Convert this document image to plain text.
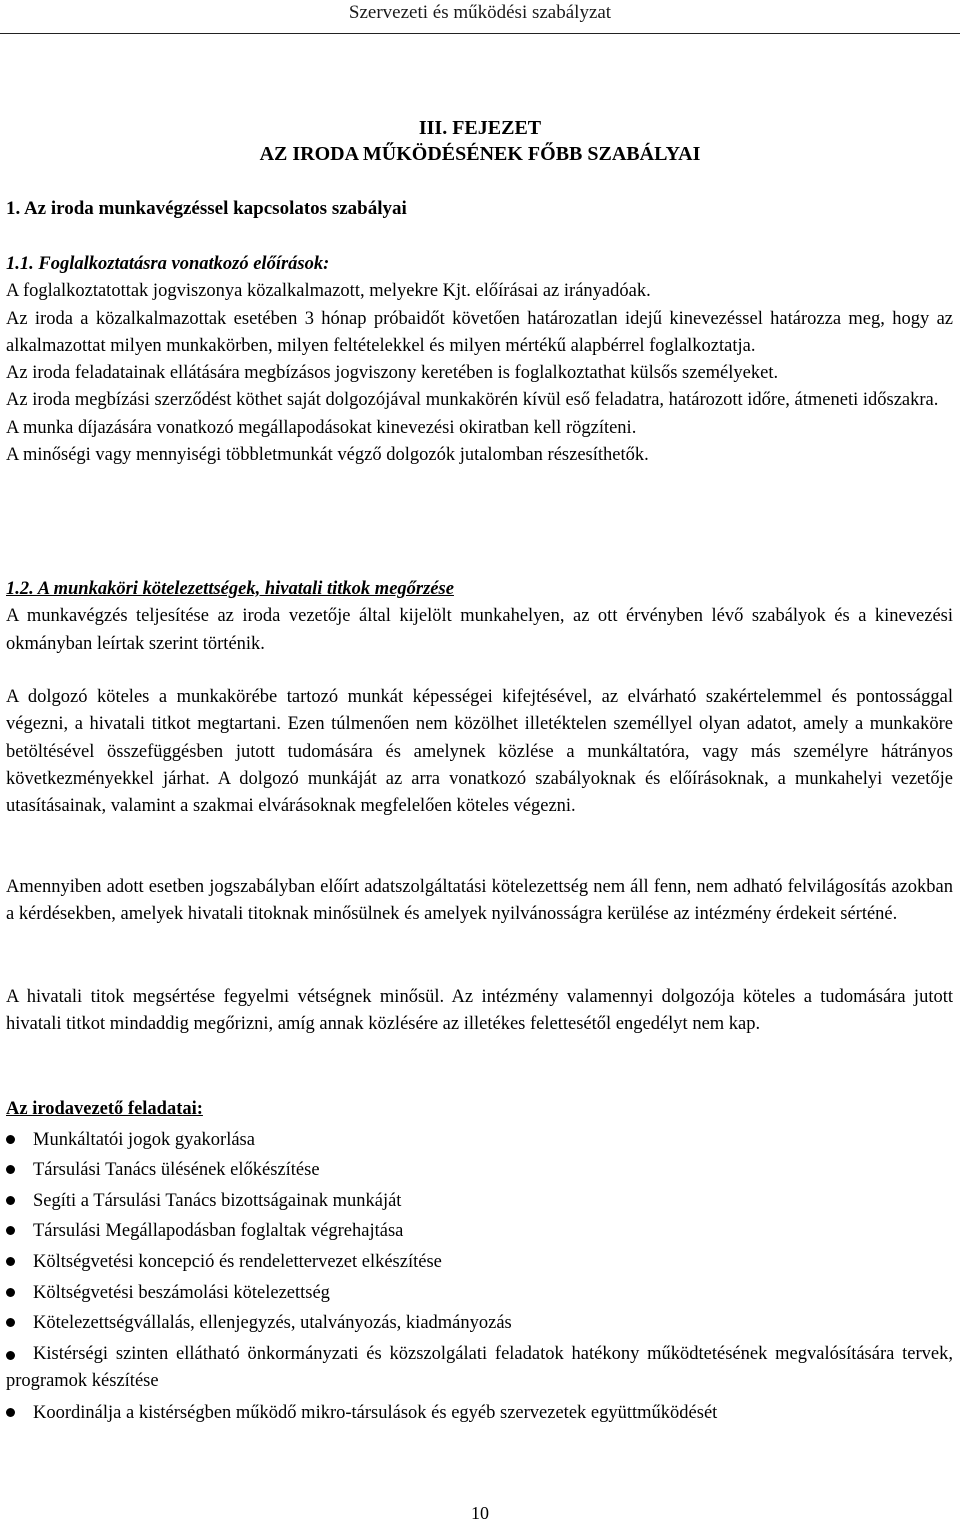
Szervezeti és működési szabályzat
III. FEJEZET
AZ IRODA MŰKÖDÉSÉNEK FŐBB SZABÁLYAI
1. Az iroda munkavégzéssel kapcsolatos szabályai
1.1. Foglalkoztatásra vonatkozó előírások:
A foglalkoztatottak jogviszonya közalkalmazott, melyekre Kjt. előírásai az irányadóak.

Az iroda a közalkalmazottak esetében 3 hónap próbaidőt követően határozatlan idejű kinevezéssel határozza meg, hogy az alkalmazottat milyen munkakörben, milyen feltételekkel és milyen mértékű alapbérrel foglalkoztatja.

Az iroda feladatainak ellátására megbízásos jogviszony keretében is foglalkoztathat külsős személyeket.

Az iroda megbízási szerződést köthet saját dolgozójával munkakörén kívül eső feladatra, határozott időre, átmeneti időszakra.

A munka díjazására vonatkozó megállapodásokat kinevezési okiratban kell rögzíteni.
A minőségi vagy mennyiségi többletmunkát végző dolgozók jutalomban részesíthetők.
1.2. A munkaköri kötelezettségek, hivatali titkok megőrzése

A munkavégzés teljesítése az iroda vezetője által kijelölt munkahelyen, az ott érvényben lévő szabályok és a kinevezési okmányban leírtak szerint történik.

A dolgozó köteles a munkakörébe tartozó munkát képességei kifejtésével, az elvárható szakértelemmel és pontossággal végezni, a hivatali titkot megtartani. Ezen túlmenően nem közölhet illetéktelen személlyel olyan adatot, amely a munkaköre betöltésével összefüggésben jutott tudomására és amelynek közlése a munkáltatóra, vagy más személyre hátrányos következményekkel járhat. A dolgozó munkáját az arra vonatkozó szabályoknak és előírásoknak, a munkahelyi vezetője utasításainak, valamint a szakmai elvárásoknak megfelelően köteles végezni.

Amennyiben adott esetben jogszabályban előírt adatszolgáltatási kötelezettség nem áll fenn, nem adható felvilágosítás azokban a kérdésekben, amelyek hivatali titoknak minősülnek és amelyek nyilvánosságra kerülése az intézmény érdekeit sérténé.

A hivatali titok megsértése fegyelmi vétségnek minősül. Az intézmény valamennyi dolgozója köteles a tudomására jutott hivatali titkot mindaddig megőrizni, amíg annak közlésére az illetékes felettesétől engedélyt nem kap.

Az irodavezető feladatai:
Munkáltatói jogok gyakorlása
Társulási Tanács ülésének előkészítése
Segíti a Társulási Tanács bizottságainak munkáját
Társulási Megállapodásban foglaltak végrehajtása
Költségvetési koncepció és rendelettervezet elkészítése
Költségvetési beszámolási kötelezettség
Kötelezettségvállalás, ellenjegyzés, utalványozás, kiadmányozás
Kistérségi szinten ellátható önkormányzati és közszolgálati feladatok hatékony működtetésének megvalósítására tervek, programok készítése
Koordinálja a kistérségben működő mikro-társulások és egyéb szervezetek együttműködését
10
